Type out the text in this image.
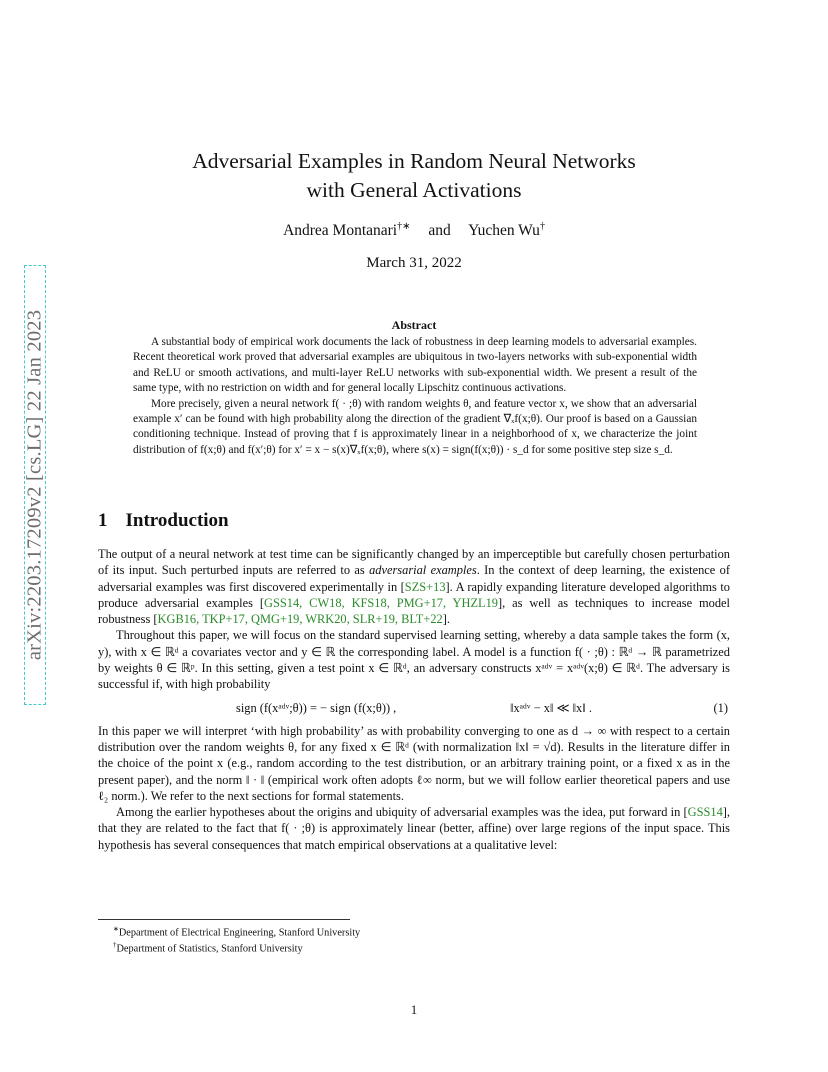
arXiv:2203.17209v2 [cs.LG] 22 Jan 2023
Adversarial Examples in Random Neural Networks
with General Activations
Andrea Montanari†∗ and Yuchen Wu†
March 31, 2022
Abstract

A substantial body of empirical work documents the lack of robustness in deep learning models to adversarial examples. Recent theoretical work proved that adversarial examples are ubiquitous in two-layers networks with sub-exponential width and ReLU or smooth activations, and multi-layer ReLU networks with sub-exponential width. We present a result of the same type, with no restriction on width and for general locally Lipschitz continuous activations.

More precisely, given a neural network f( · ;θ) with random weights θ, and feature vector x, we show that an adversarial example x′ can be found with high probability along the direction of the gradient ∇ₓf(x;θ). Our proof is based on a Gaussian conditioning technique. Instead of proving that f is approximately linear in a neighborhood of x, we characterize the joint distribution of f(x;θ) and f(x′;θ) for x′ = x − s(x)∇ₓf(x;θ), where s(x) = sign(f(x;θ)) · s_d for some positive step size s_d.

1 Introduction

The output of a neural network at test time can be significantly changed by an imperceptible but carefully chosen perturbation of its input. Such perturbed inputs are referred to as adversarial examples. In the context of deep learning, the existence of adversarial examples was first discovered experimentally in [SZS+13]. A rapidly expanding literature developed algorithms to produce adversarial examples [GSS14, CW18, KFS18, PMG+17, YHZL19], as well as techniques to increase model robustness [KGB16, TKP+17, QMG+19, WRK20, SLR+19, BLT+22].

Throughout this paper, we will focus on the standard supervised learning setting, whereby a data sample takes the form (x, y), with x ∈ ℝᵈ a covariates vector and y ∈ ℝ the corresponding label. A model is a function f( · ;θ) : ℝᵈ → ℝ parametrized by weights θ ∈ ℝᵖ. In this setting, given a test point x ∈ ℝᵈ, an adversary constructs xᵃᵈᵛ = xᵃᵈᵛ(x;θ) ∈ ℝᵈ. The adversary is successful if, with high probability

sign (f(xᵃᵈᵛ;θ)) = − sign (f(x;θ)) ,	‖xᵃᵈᵛ − x‖ ≪ ‖x‖ .	(1)

In this paper we will interpret ‘with high probability’ as with probability converging to one as d → ∞ with respect to a certain distribution over the random weights θ, for any fixed x ∈ ℝᵈ (with normalization ‖x‖ = √d). Results in the literature differ in the choice of the point x (e.g., random according to the test distribution, or an arbitrary training point, or a fixed x as in the present paper), and the norm ‖ · ‖ (empirical work often adopts ℓ∞ norm, but we will follow earlier theoretical papers and use ℓ₂ norm.). We refer to the next sections for formal statements.

Among the earlier hypotheses about the origins and ubiquity of adversarial examples was the idea, put forward in [GSS14], that they are related to the fact that f( · ;θ) is approximately linear (better, affine) over large regions of the input space. This hypothesis has several consequences that match empirical observations at a qualitative level:

∗Department of Electrical Engineering, Stanford University
†Department of Statistics, Stanford University
1
